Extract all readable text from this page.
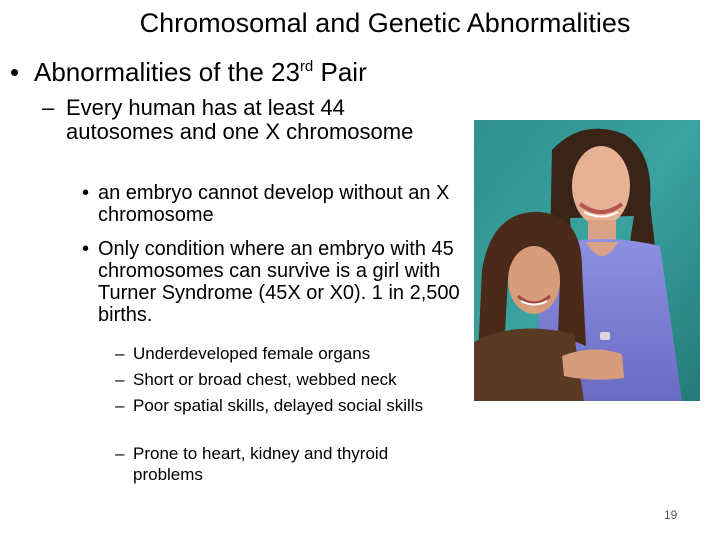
Chromosomal and Genetic Abnormalities
• Abnormalities of the 23rd Pair
– Every human has at least 44 autosomes and one X chromosome
• an embryo cannot develop without an X chromosome
• Only condition where an embryo with 45 chromosomes can survive is a girl with Turner Syndrome (45X or X0). 1 in 2,500 births.
– Underdeveloped female organs
– Short or broad chest, webbed neck
– Poor spatial skills, delayed social skills
– Prone to heart, kidney and thyroid problems
19
